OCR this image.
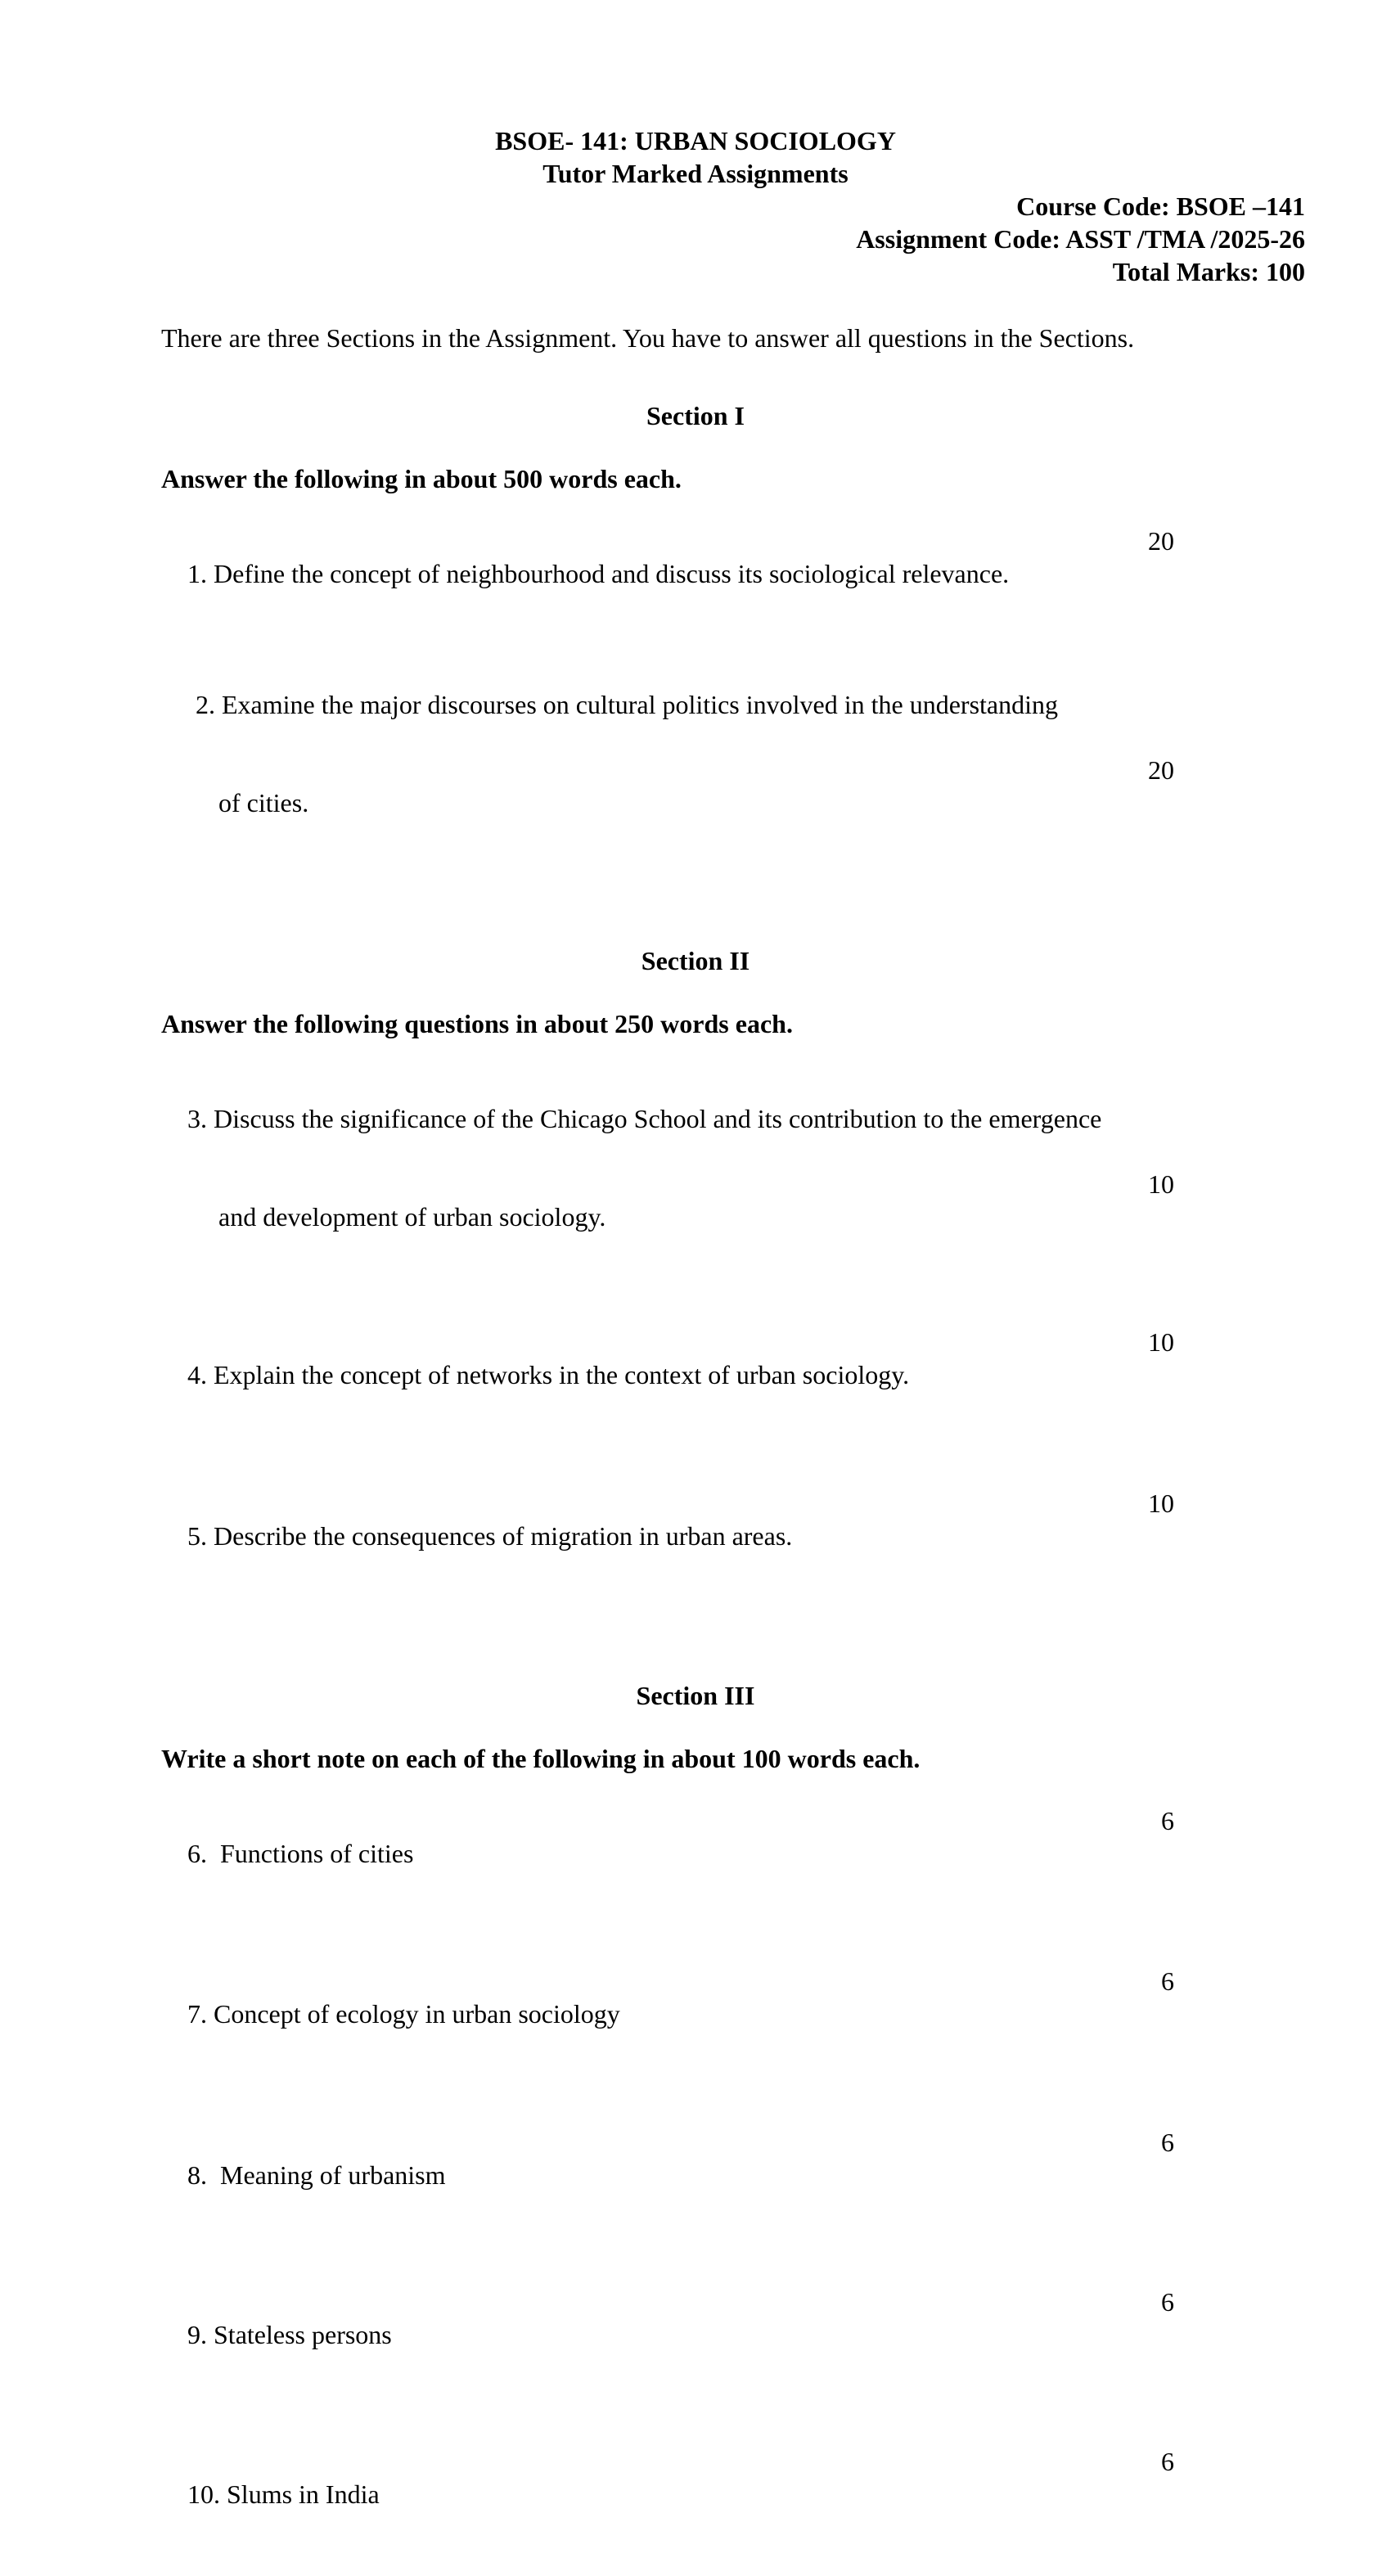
BSOE- 141: URBAN SOCIOLOGY
Tutor Marked Assignments
Course Code: BSOE –141
Assignment Code: ASST /TMA /2025-26
Total Marks: 100
There are three Sections in the Assignment. You have to answer all questions in the Sections.
Section I
Answer the following in about 500 words each.

1. Define the concept of neighbourhood and discuss its sociological relevance.

20

2. Examine the major discourses on cultural politics involved in the understanding

of cities.

20

Section II
Answer the following questions in about 250 words each.

3. Discuss the significance of the Chicago School and its contribution to the emergence

and development of urban sociology.

10

4. Explain the concept of networks in the context of urban sociology.

10

5. Describe the consequences of migration in urban areas.

10

Section III
Write a short note on each of the following in about 100 words each.

6.  Functions of cities

6

7. Concept of ecology in urban sociology

6

8.  Meaning of urbanism

6

9. Stateless persons

6

10. Slums in India

6
